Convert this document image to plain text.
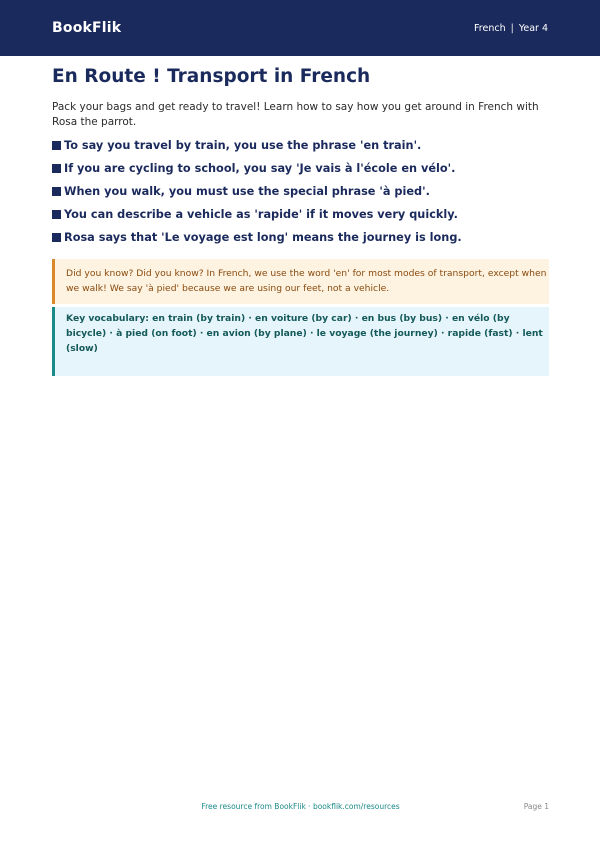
BookFlik	French | Year 4
En Route ! Transport in French

Pack your bags and get ready to travel! Learn how to say how you get around in French with Rosa the parrot.

To say you travel by train, you use the phrase 'en train'.
If you are cycling to school, you say 'Je vais à l'école en vélo'.
When you walk, you must use the special phrase 'à pied'.
You can describe a vehicle as 'rapide' if it moves very quickly.
Rosa says that 'Le voyage est long' means the journey is long.
Did you know? Did you know? In French, we use the word 'en' for most modes of transport, except when we walk! We say 'à pied' because we are using our feet, not a vehicle.
Key vocabulary: en train (by train) · en voiture (by car) · en bus (by bus) · en vélo (by bicycle) · à pied (on foot) · en avion (by plane) · le voyage (the journey) · rapide (fast) · lent (slow)
Free resource from BookFlik · bookflik.com/resources	Page 1
